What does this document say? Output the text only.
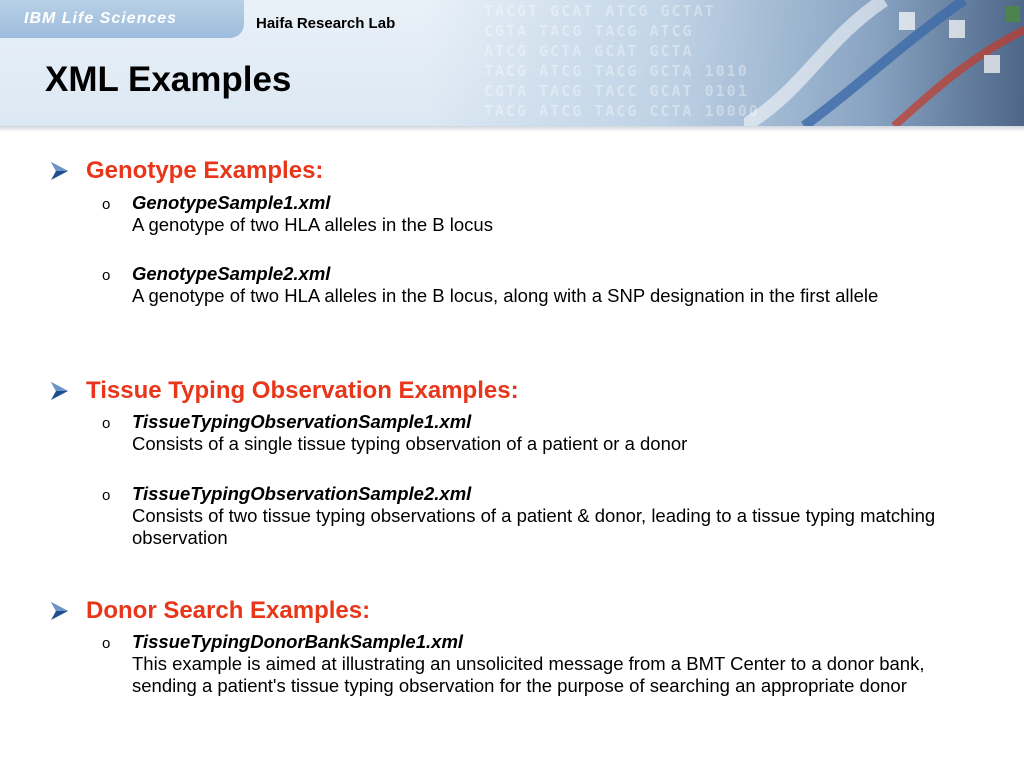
TACGT GCAT ATCG GCTAT
CGTA TACG TACG ATCG
ATCG GCTA GCAT GCTA
TACG ATCG TACG GCTA 1010
CGTA TACG TACC GCAT 0101
TACG ATCG TACG CCTA 10000
IBM Life Sciences	Haifa Research Lab
XML Examples
Genotype Examples:
o GenotypeSample1.xml
A genotype of two HLA alleles in the B locus
o GenotypeSample2.xml
A genotype of two HLA alleles in the B locus, along with a SNP designation in the first allele
Tissue Typing Observation Examples:
o TissueTypingObservationSample1.xml
Consists of a single tissue typing observation of a patient or a donor
o TissueTypingObservationSample2.xml
Consists of two tissue typing observations of a patient & donor, leading to a tissue typing matching observation
Donor Search Examples:
o TissueTypingDonorBankSample1.xml
This example is aimed at illustrating an unsolicited message from a BMT Center to a donor bank, sending a patient's tissue typing observation for the purpose of searching an appropriate donor
